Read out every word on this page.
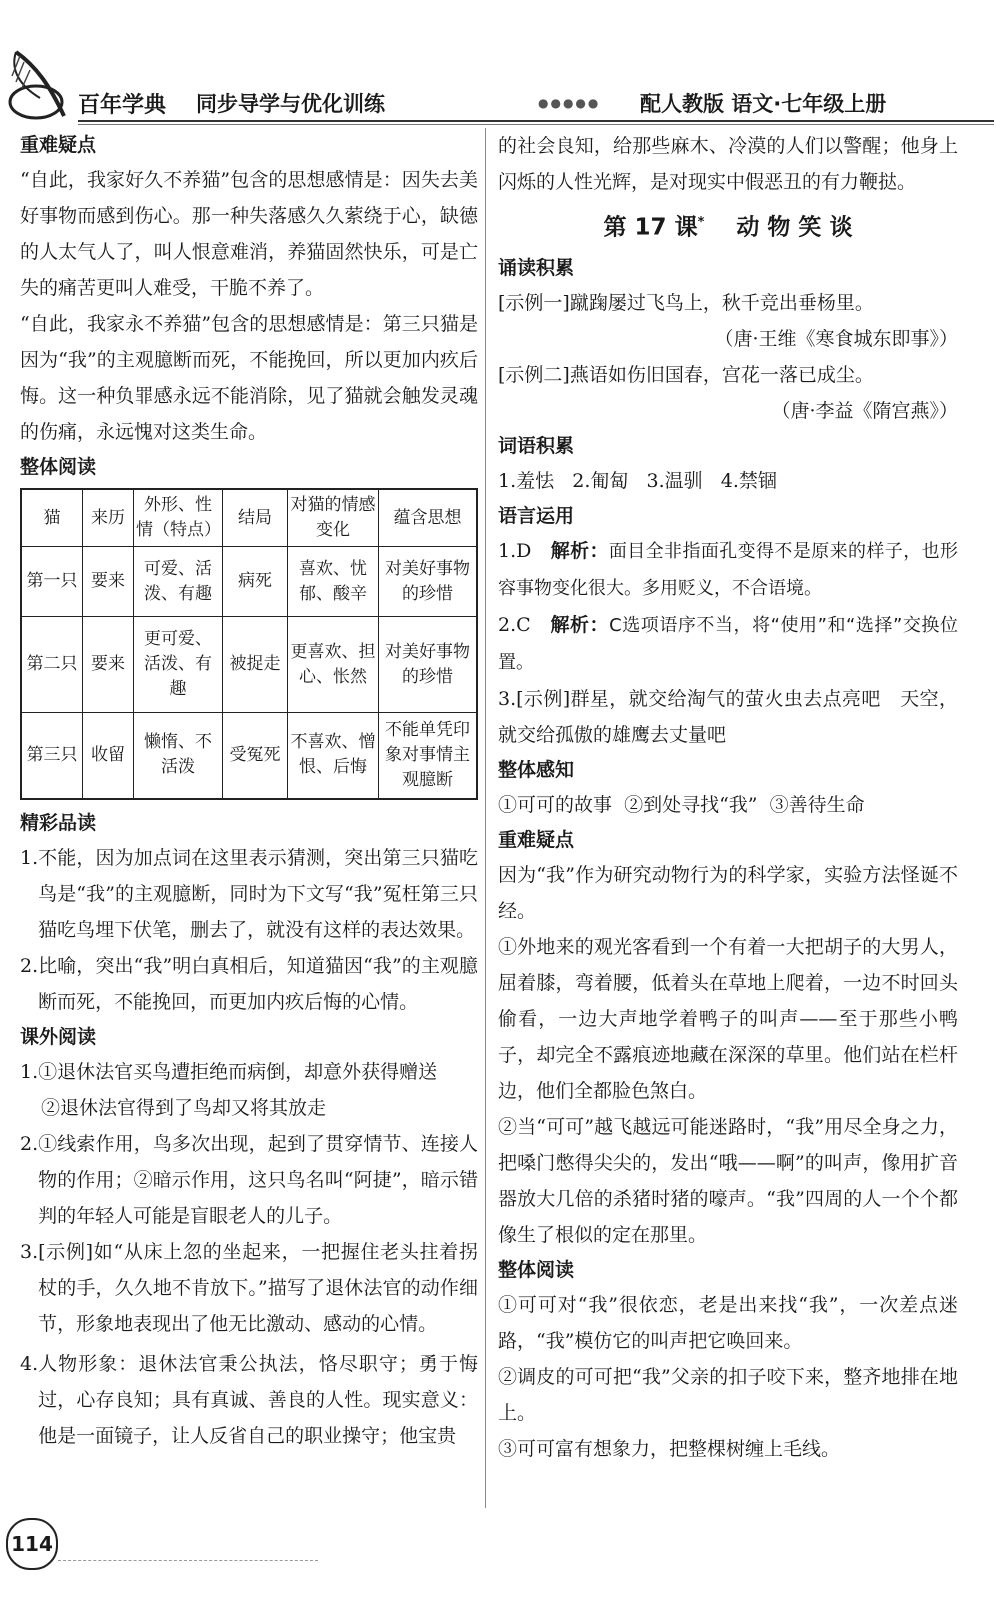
百年学典 同步导学与优化训练	●●●●● 配人教版 语文·七年级上册
重难疑点

“自此，我家好久不养猫”包含的思想感情是：因失去美好事物而感到伤心。那一种失落感久久萦绕于心，缺德的人太气人了，叫人恨意难消，养猫固然快乐，可是亡失的痛苦更叫人难受，干脆不养了。

“自此，我家永不养猫”包含的思想感情是：第三只猫是因为“我”的主观臆断而死，不能挽回，所以更加内疚后悔。这一种负罪感永远不能消除，见了猫就会触发灵魂的伤痛，永远愧对这类生命。

整体阅读
猫	来历	外形、性情（特点）	结局	对猫的情感变化	蕴含思想
第一只	要来	可爱、活泼、有趣	病死	喜欢、忧郁、酸辛	对美好事物的珍惜
第二只	要来	更可爱、活泼、有趣	被捉走	更喜欢、担心、怅然	对美好事物的珍惜
第三只	收留	懒惰、不活泼	受冤死	不喜欢、憎恨、后悔	不能单凭印象对事情主观臆断
精彩品读
1. 不能，因为加点词在这里表示猜测，突出第三只猫吃鸟是“我”的主观臆断，同时为下文写“我”冤枉第三只猫吃鸟埋下伏笔，删去了，就没有这样的表达效果。
2. 比喻，突出“我”明白真相后，知道猫因“我”的主观臆断而死，不能挽回，而更加内疚后悔的心情。
课外阅读
1. ①退休法官买鸟遭拒绝而病倒，却意外获得赠送
②退休法官得到了鸟却又将其放走
2. ①线索作用，鸟多次出现，起到了贯穿情节、连接人物的作用；②暗示作用，这只鸟名叫“阿捷”，暗示错判的年轻人可能是盲眼老人的儿子。
3. [示例]如“从床上忽的坐起来，一把握住老头拄着拐杖的手，久久地不肯放下。”描写了退休法官的动作细节，形象地表现出了他无比激动、感动的心情。
4. 人物形象：退休法官秉公执法，恪尽职守；勇于悔过，心存良知；具有真诚、善良的人性。现实意义：他是一面镜子，让人反省自己的职业操守；他宝贵

的社会良知，给那些麻木、冷漠的人们以警醒；他身上闪烁的人性光辉，是对现实中假恶丑的有力鞭挞。

第 17 课* 动 物 笑 谈
诵读积累

[示例一]蹴踘屡过飞鸟上，秋千竞出垂杨里。

（唐·王维《寒食城东即事》）

[示例二]燕语如伤旧国春，宫花一落已成尘。

（唐·李益《隋宫燕》）

词语积累

1.羞怯   2.匍匐   3.温驯   4.禁锢

语言运用

1.D 解析：面目全非指面孔变得不是原来的样子，也形容事物变化很大。多用贬义，不合语境。

2.C 解析：C选项语序不当，将“使用”和“选择”交换位置。

3.[示例]群星，就交给淘气的萤火虫去点亮吧　天空，就交给孤傲的雄鹰去丈量吧

整体感知

①可可的故事  ②到处寻找“我”  ③善待生命

重难疑点

因为“我”作为研究动物行为的科学家，实验方法怪诞不经。

①外地来的观光客看到一个有着一大把胡子的大男人，屈着膝，弯着腰，低着头在草地上爬着，一边不时回头偷看，一边大声地学着鸭子的叫声——至于那些小鸭子，却完全不露痕迹地藏在深深的草里。他们站在栏杆边，他们全都脸色煞白。

②当“可可”越飞越远可能迷路时，“我”用尽全身之力，把嗓门憋得尖尖的，发出“哦——啊”的叫声，像用扩音器放大几倍的杀猪时猪的嚎声。“我”四周的人一个个都像生了根似的定在那里。

整体阅读

①可可对“我”很依恋，老是出来找“我”，一次差点迷路，“我”模仿它的叫声把它唤回来。

②调皮的可可把“我”父亲的扣子咬下来，整齐地排在地上。

③可可富有想象力，把整棵树缠上毛线。

114
